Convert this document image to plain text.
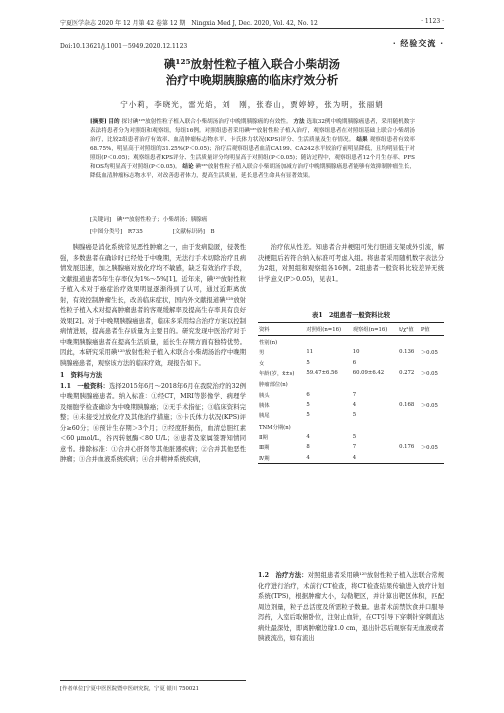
宁夏医学杂志 2020 年 12 月第 42 卷第 12 期　Ningxia Med J, Dec. 2020, Vol. 42, No. 12	· 1123 ·
Doi:10.13621/j.1001－5949.2020.12.1123	· 经验交流 ·
碘¹²⁵放射性粒子植入联合小柴胡汤
治疗中晚期胰腺癌的临床疗效分析
宁小莉，李晓光，雷光焰，刘　刚，张春山，贾婷婷，张为明，张丽娟
[摘要] 目的 探讨碘¹²⁵放射性粒子植入联合小柴胡汤治疗中晚期胰腺癌的有效性。 方法 选取32例中晚期胰腺癌患者，采用随机数字表法将患者分为对照组和观察组，每组16例。对照组患者采用碘¹²⁵放射性粒子植入治疗，观察组患者在对照组基础上联合小柴胡汤治疗，比较2组患者治疗有效率、血清肿瘤标志物水平、卡氏体力状况(KPS)评分、生活质量及生存情况。 结果 观察组患者有效率68.75%，明显高于对照组的31.25%(P＜0.05)；治疗后观察组患者血清CA199、CA242水平较治疗前明显降低，且均明显低于对照组(P＜0.05)；观察组患者KPS评分、生活质量评分均明显高于对照组(P＜0.05)；随访过程中，观察组患者12个月生存率、PFS和OS均明显高于对照组(P＜0.05)。 结论 碘¹²⁵放射性粒子植入联合小柴胡汤加减方治疗中晚期胰腺癌患者能够有效抑制肿瘤生长，降低血清肿瘤标志物水平，对改善患者体力，提高生活质量，延长患者生命具有显著效果。
[关键词]　碘¹²⁵放射性粒子；小柴胡汤；胰腺癌
[中图分类号]　R735	[文献标识码]　B

胰腺癌是消化系统常见恶性肿瘤之一，由于发病隐匿，侵袭性强，多数患者在确诊时已经处于中晚期，无法行手术切除治疗且病情发展迅速，加之胰腺癌对放化疗均不敏感，缺乏有效治疗手段，文献报道患者5年生存率仅为1%～5%[1]。近年来，碘¹²⁵放射性粒子植入术对于癌症治疗效果明显逐渐得到了认可，通过近距离放射，有效控制肿瘤生长，改善临床症状，国内外文献报道碘¹²⁵放射性粒子植入术对提高肿瘤患者的客观缓解率及提高生存率具有良好效果[2]。对于中晚期胰腺癌患者，临床多采用综合治疗方案以控制病情进展，提高患者生存质量为主要目的。研究发现中医治疗对于中晚期胰腺癌患者在提高生活质量，延长生存期方面有独特优势。因此，本研究采用碘¹²⁵放射性粒子植入术联合小柴胡汤治疗中晚期胰腺癌患者，观察该方法的临床疗效，现报告如下。

1　资料与方法

1.1　一般资料：选择2015年6月～2018年6月在我院治疗的32例中晚期胰腺癌患者。纳入标准：①经CT，MRI等影像学、病理学及细胞学检查确诊为中晚期胰腺癌；②无手术指征；③临床资料完整；④未接受过放化疗及其他治疗措施；⑤卡氏体力状况(KPS)评分≥60分；⑥预计生存期＞3个月；⑦经度肝损伤，血清总胆红素＜60 μmol/L，谷丙转氨酶＜80 U/L；⑧患者及家属签署知情同意书。排除标准：①合并心肝肾等其他脏器疾病；②合并其他恶性肿瘤；③合并血液系统疾病；④合并精神系统疾病，

[作者单位]宁夏中医医院暨中医研究院，宁夏 银川 750021

治疗依从性差。知患者合并梗阻可先行胆道支架或外引流，解决梗阻后若符合纳入标准可考虑入组。将患者采用随机数字表法分为2组，对照组和观察组各16例。2组患者一般资料比较差异无统计学意义(P＞0.05)，见表1。

表1　2组患者一般资料比较
资料	对照组(n=16)	观察组(n=16)	t/χ²值	P值
性别(n)				
男	11	10	0.136	＞0.05
女	5	6		
年龄(岁，x̄±s)	59.47±6.56	60.09±6.42	0.272	＞0.05
肿瘤部位(n)				
胰头	6	7		
胰体	5	4	0.168	＞0.05
胰尾	5	5		
TNM分期(n)				
Ⅱ期	4	5		
Ⅲ期	8	7	0.176	＞0.05
Ⅳ期	4	4		

1.2　治疗方法：对照组患者采用碘¹²⁵放射性粒子植入法联合常规化疗进行治疗，术前行CT检查，将CT检查结果传输进入放疗计划系统(TPS)，根据肿瘤大小，勾勒靶区，并计算出靶区体积，匹配周边剂量，粒子总活度及所需粒子数量。患者术前禁饮食并口服导泻药，入室后取俯卧位，注射止血针，在CT引导下穿刺针穿刺直达病灶最深处，即离肿瘤边缘1.0 cm，退出针芯后观察有无血液或者胰液流出，如有流出
